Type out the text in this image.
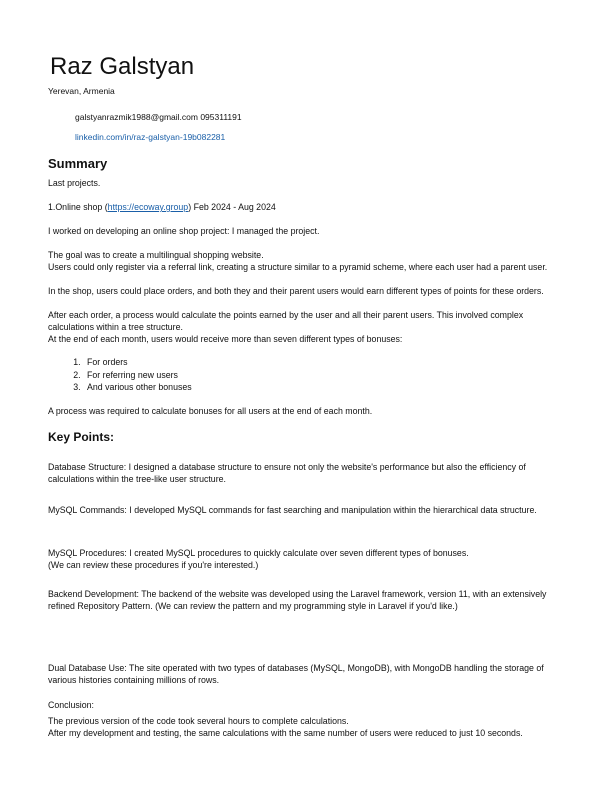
Raz Galstyan
Yerevan, Armenia
galstyanrazmik1988@gmail.com 095311191
linkedin.com/in/raz-galstyan-19b082281
Summary
Last projects.
1.Online shop (https://ecoway.group) Feb 2024 - Aug 2024
I worked on developing an online shop project: I managed the project.
The goal was to create a multilingual shopping website.
Users could only register via a referral link, creating a structure similar to a pyramid scheme, where each user had a parent user.
In the shop, users could place orders, and both they and their parent users would earn different types of points for these orders.
After each order, a process would calculate the points earned by the user and all their parent users. This involved complex calculations within a tree structure.
At the end of each month, users would receive more than seven different types of bonuses:
1. For orders
2. For referring new users
3. And various other bonuses
A process was required to calculate bonuses for all users at the end of each month.
Key Points:
Database Structure: I designed a database structure to ensure not only the website's performance but also the efficiency of calculations within the tree-like user structure.
MySQL Commands: I developed MySQL commands for fast searching and manipulation within the hierarchical data structure.
MySQL Procedures: I created MySQL procedures to quickly calculate over seven different types of bonuses.
(We can review these procedures if you're interested.)
Backend Development: The backend of the website was developed using the Laravel framework, version 11, with an extensively refined Repository Pattern. (We can review the pattern and my programming style in Laravel if you'd like.)
Dual Database Use: The site operated with two types of databases (MySQL, MongoDB), with MongoDB handling the storage of various histories containing millions of rows.
Conclusion:
The previous version of the code took several hours to complete calculations.
After my development and testing, the same calculations with the same number of users were reduced to just 10 seconds.
